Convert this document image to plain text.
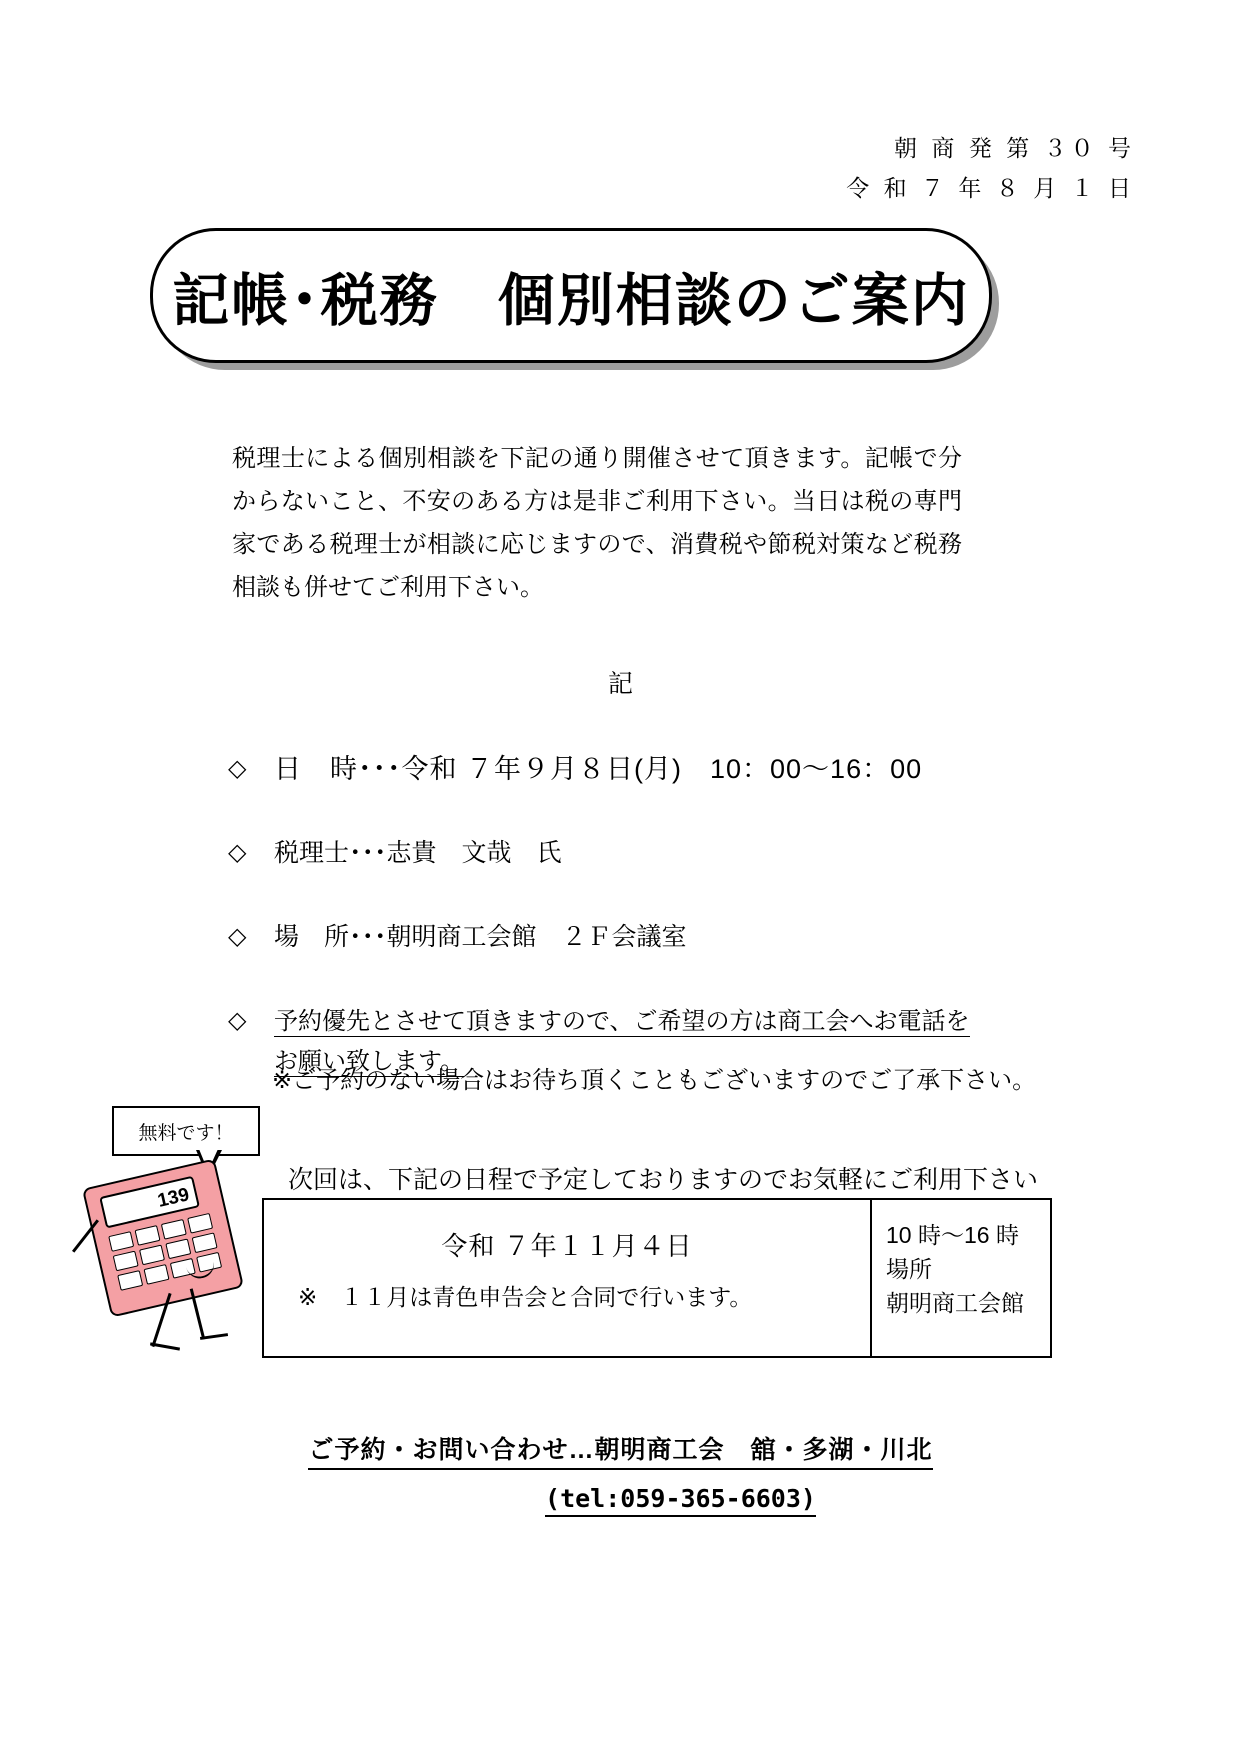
朝 商 発 第 ３０ 号
令 和 ７ 年 ８ 月 １ 日
記帳･税務　個別相談のご案内
税理士による個別相談を下記の通り開催させて頂きます。記帳で分からないこと、不安のある方は是非ご利用下さい。当日は税の専門家である税理士が相談に応じますので、消費税や節税対策など税務相談も併せてご利用下さい。
記
◇	日　時･･･令和 ７年９月８日(月)　10：00～16：00
◇	税理士･･･志貴　文哉　氏
◇	場　所･･･朝明商工会館　２Ｆ会議室
◇	予約優先とさせて頂きますので、ご希望の方は商工会へお電話を
お願い致します。
※ご予約のない場合はお待ち頂くこともございますのでご了承下さい。
無料です！
139
次回は、下記の日程で予定しておりますのでお気軽にご利用下さい
令和 ７年１１月４日
※　１１月は青色申告会と合同で行います。
10 時～16 時
場所
朝明商工会館
ご予約・お問い合わせ…朝明商工会　舘・多湖・川北
(tel:059-365-6603)
